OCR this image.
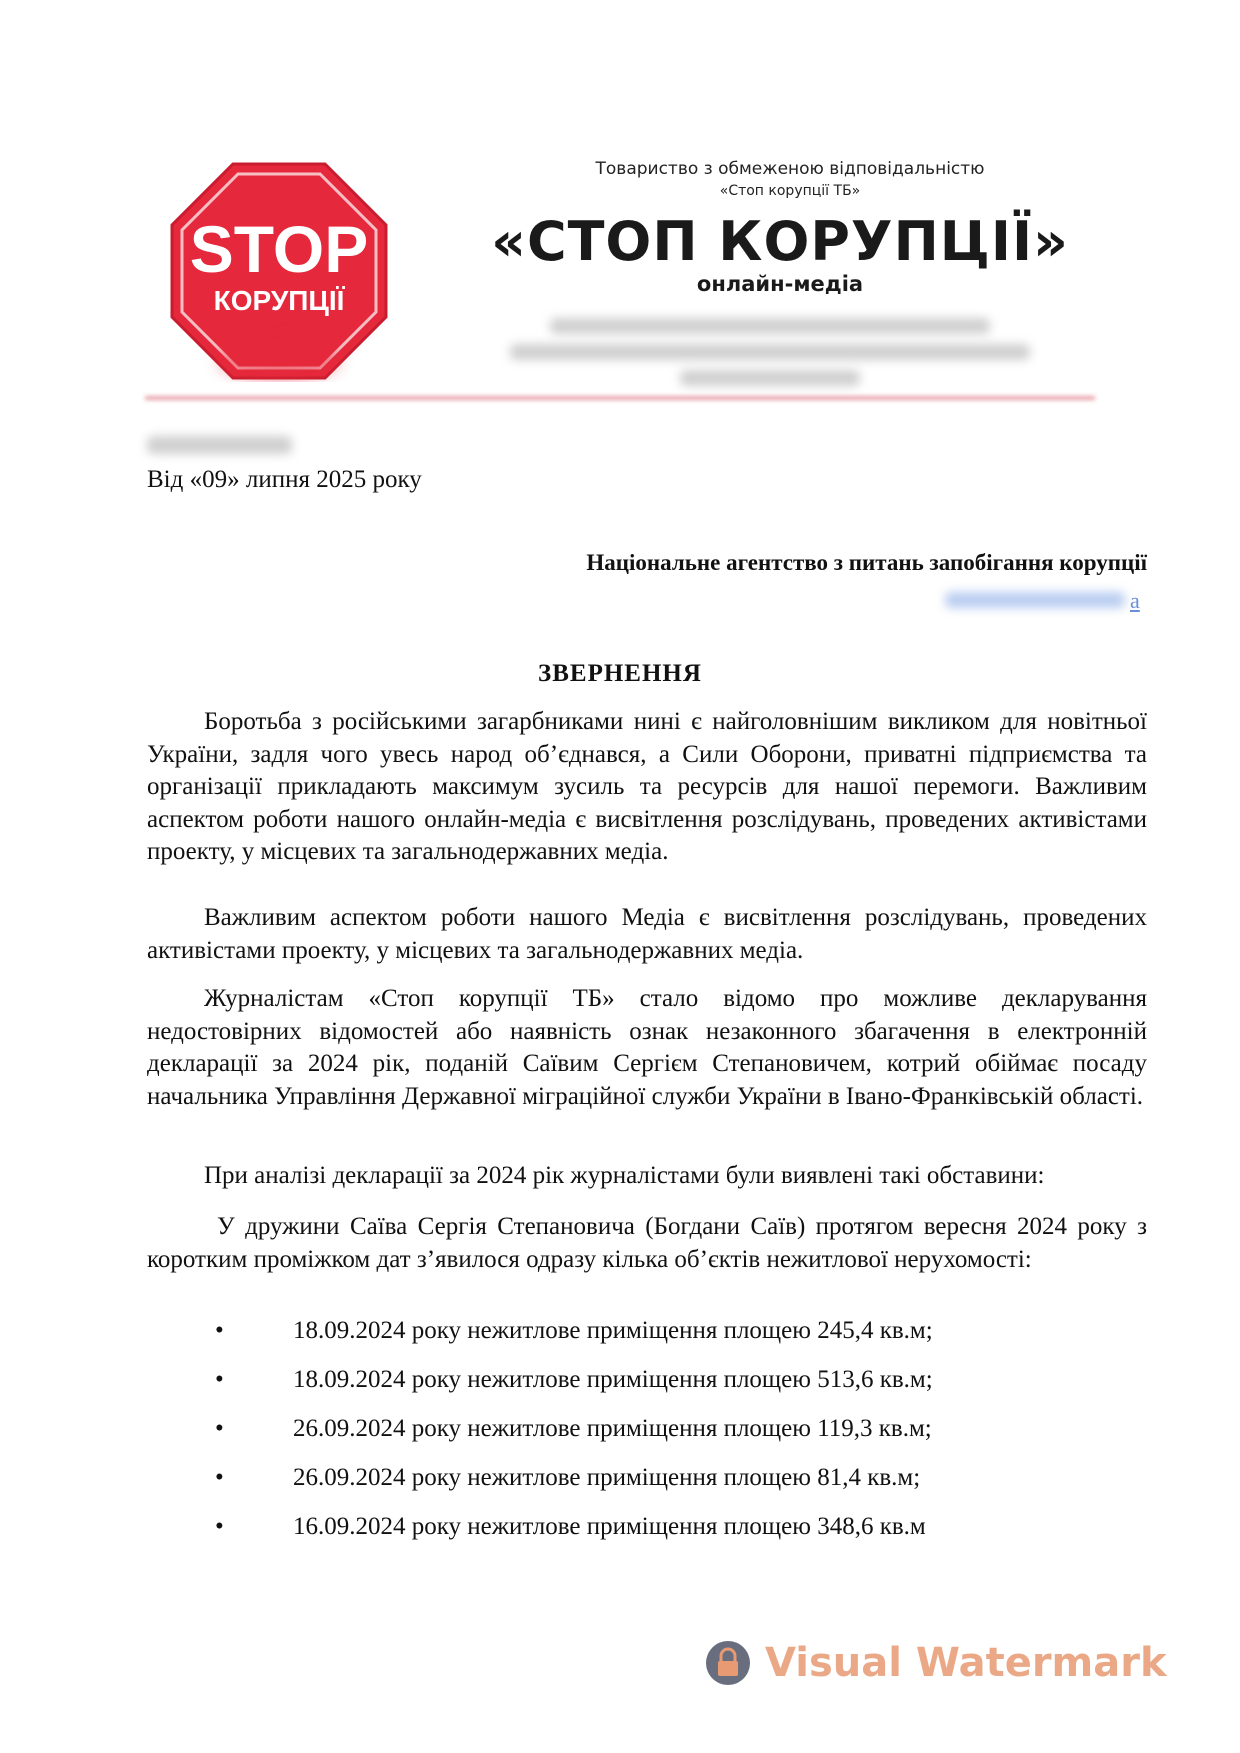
STOP
КОРУПЦІЇ
Товариство з обмеженою відповідальністю
«Стоп корупції ТБ»
«СТОП КОРУПЦІЇ»
онлайн-медіа
Від «09» липня 2025 року
Національне агентство з питань запобігання корупції
a
ЗВЕРНЕННЯ
Боротьба з російськими загарбниками нині є найголовнішим викликом для новітньої України, задля чого увесь народ об’єднався, а Сили Оборони, приватні підприємства та організації прикладають максимум зусиль та ресурсів для нашої перемоги. Важливим аспектом роботи нашого онлайн-медіа є висвітлення розслідувань, проведених активістами проекту, у місцевих та загальнодержавних медіа.
Важливим аспектом роботи нашого Медіа є висвітлення розслідувань, проведених активістами проекту, у місцевих та загальнодержавних медіа.
Журналістам «Стоп корупції ТБ» стало відомо про можливе декларування недостовірних відомостей або наявність ознак незаконного збагачення в електронній декларації за 2024 рік, поданій Саївим Сергієм Степановичем, котрий обіймає посаду начальника Управління Державної міграційної служби України в Івано-Франківській області.
При аналізі декларації за 2024 рік журналістами були виявлені такі обставини:
У дружини Саїва Сергія Степановича (Богдани Саїв) протягом вересня 2024 року з коротким проміжком дат з’явилося одразу кілька об’єктів нежитлової нерухомості:
•	18.09.2024 року нежитлове приміщення площею 245,4 кв.м;
•	18.09.2024 року нежитлове приміщення площею 513,6 кв.м;
•	26.09.2024 року нежитлове приміщення площею 119,3 кв.м;
•	26.09.2024 року нежитлове приміщення площею 81,4 кв.м;
•	16.09.2024 року нежитлове приміщення площею 348,6 кв.м
Visual Watermark
